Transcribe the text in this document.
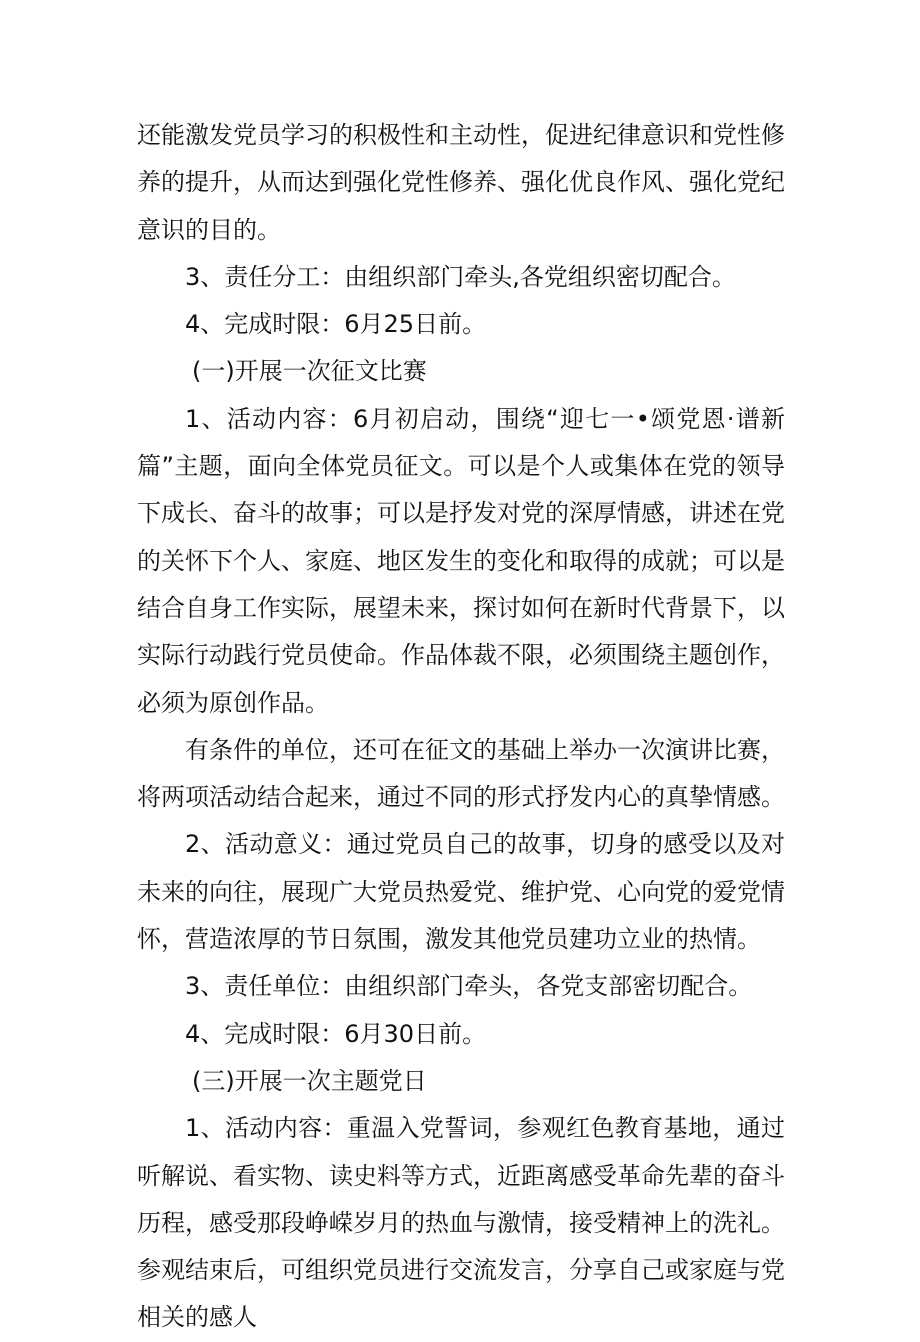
还能激发党员学习的积极性和主动性，促进纪律意识和党性修养的提升，从而达到强化党性修养、强化优良作风、强化党纪意识的目的。

3、责任分工：由组织部门牵头,各党组织密切配合。

4、完成时限：6月25日前。

(一)开展一次征文比赛

1、活动内容：6月初启动，围绕“迎七一•颂党恩·谱新篇”主题，面向全体党员征文。可以是个人或集体在党的领导下成长、奋斗的故事；可以是抒发对党的深厚情感，讲述在党的关怀下个人、家庭、地区发生的变化和取得的成就；可以是结合自身工作实际，展望未来，探讨如何在新时代背景下，以实际行动践行党员使命。作品体裁不限，必须围绕主题创作，必须为原创作品。

有条件的单位，还可在征文的基础上举办一次演讲比赛，将两项活动结合起来，通过不同的形式抒发内心的真挚情感。

2、活动意义：通过党员自己的故事，切身的感受以及对未来的向往，展现广大党员热爱党、维护党、心向党的爱党情怀，营造浓厚的节日氛围，激发其他党员建功立业的热情。

3、责任单位：由组织部门牵头，各党支部密切配合。

4、完成时限：6月30日前。

(三)开展一次主题党日

1、活动内容：重温入党誓词，参观红色教育基地，通过听解说、看实物、读史料等方式，近距离感受革命先辈的奋斗历程，感受那段峥嵘岁月的热血与激情，接受精神上的洗礼。参观结束后，可组织党员进行交流发言，分享自己或家庭与党相关的感人
